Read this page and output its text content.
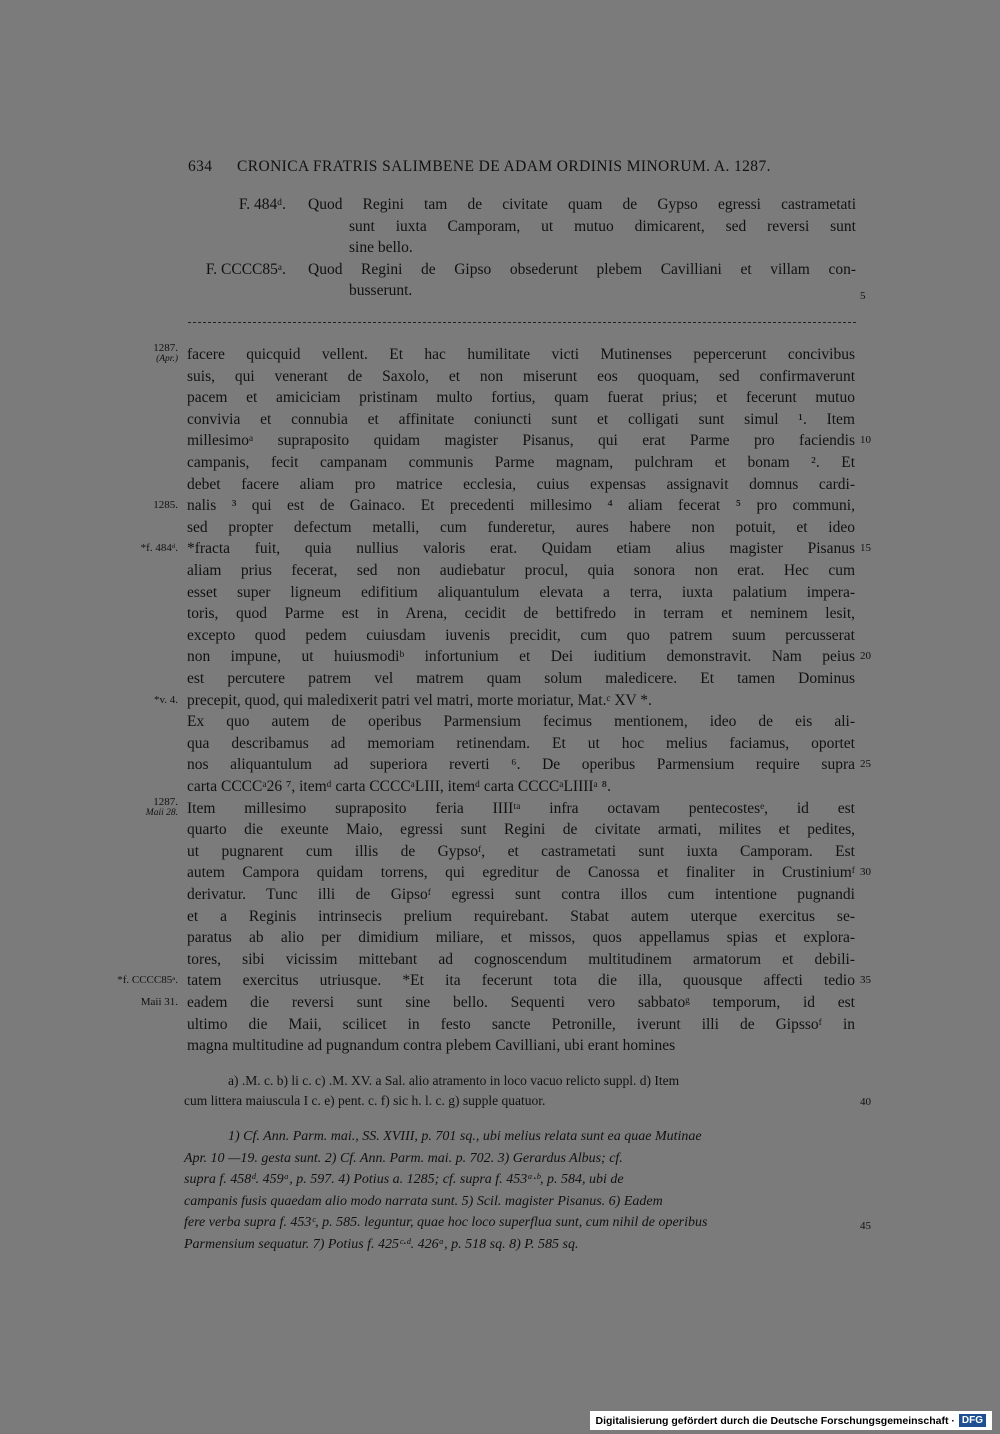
634 CRONICA FRATRIS SALIMBENE DE ADAM ORDINIS MINORUM. A. 1287.
F. 484ᵈ. Quod Regini tam de civitate quam de Gypso egressi castrametati
sunt iuxta Camporam, ut mutuo dimicarent, sed reversi sunt
sine bello.
F. CCCC85ᵃ. Quod Regini de Gipso obsederunt plebem Cavilliani et villam con-
busserunt.	5
facere quicquid vellent. Et hac humilitate victi Mutinenses pepercerunt concivibus
suis, qui venerant de Saxolo, et non miserunt eos quoquam, sed confirmaverunt
pacem et amiciciam pristinam multo fortius, quam fuerat prius; et fecerunt mutuo
convivia et connubia et affinitate coniuncti sunt et colligati sunt simul ¹. Item
millesimoᵃ supraposito quidam magister Pisanus, qui erat Parme pro faciendis
campanis, fecit campanam communis Parme magnam, pulchram et bonam ². Et
debet facere aliam pro matrice ecclesia, cuius expensas assignavit domnus cardi-
nalis ³ qui est de Gainaco. Et precedenti millesimo ⁴ aliam fecerat ⁵ pro communi,
sed propter defectum metalli, cum funderetur, aures habere non potuit, et ideo
*fracta fuit, quia nullius valoris erat. Quidam etiam alius magister Pisanus
aliam prius fecerat, sed non audiebatur procul, quia sonora non erat. Hec cum
esset super ligneum edifitium aliquantulum elevata a terra, iuxta palatium impera-
toris, quod Parme est in Arena, cecidit de bettifredo in terram et neminem lesit,
excepto quod pedem cuiusdam iuvenis precidit, cum quo patrem suum percusserat
non impune, ut huiusmodiᵇ infortunium et Dei iuditium demonstravit. Nam peius
est percutere patrem vel matrem quam solum maledicere. Et tamen Dominus
precepit, quod, qui maledixerit patri vel matri, morte moriatur, Mat.ᶜ XV *.
Ex quo autem de operibus Parmensium fecimus mentionem, ideo de eis ali-
qua describamus ad memoriam retinendam. Et ut hoc melius faciamus, oportet
nos aliquantulum ad superiora reverti ⁶. De operibus Parmensium require supra
carta CCCCᵃ26 ⁷, itemᵈ carta CCCCᵃLIII, itemᵈ carta CCCCᵃLIIIIᵃ ⁸.
Item millesimo supraposito feria IIIIᵗᵃ infra octavam pentecostesᵉ, id est
quarto die exeunte Maio, egressi sunt Regini de civitate armati, milites et pedites,
ut pugnarent cum illis de Gypsoᶠ, et castrametati sunt iuxta Camporam. Est
autem Campora quidam torrens, qui egreditur de Canossa et finaliter in Crustiniumᶠ
derivatur. Tunc illi de Gipsoᶠ egressi sunt contra illos cum intentione pugnandi
et a Reginis intrinsecis prelium requirebant. Stabat autem uterque exercitus se-
paratus ab alio per dimidium miliare, et missos, quos appellamus spias et explora-
tores, sibi vicissim mittebant ad cognoscendum multitudinem armatorum et debili-
tatem exercitus utriusque. *Et ita fecerunt tota die illa, quousque affecti tedio
eadem die reversi sunt sine bello. Sequenti vero sabbatoᵍ temporum, id est
ultimo die Maii, scilicet in festo sancte Petronille, iverunt illi de Gipssoᶠ in
magna multitudine ad pugnandum contra plebem Cavilliani, ubi erant homines
10
15
20
25
30
35
1287.
(Apr.)
1285.
*f. 484ᵈ.
*v. 4.
1287.
Maii 28.
*f. CCCC85ᵃ.
Maii 31.
a) .M. c. b) li c. c) .M. XV. a Sal. alio atramento in loco vacuo relicto suppl. d) Item
cum littera maiuscula I c. e) pent. c. f) sic h. l. c. g) supple quatuor.	40
1) Cf. Ann. Parm. mai., SS. XVIII, p. 701 sq., ubi melius relata sunt ea quae Mutinae
Apr. 10 —19. gesta sunt. 2) Cf. Ann. Parm. mai. p. 702. 3) Gerardus Albus; cf.
supra f. 458ᵈ. 459ᵃ, p. 597. 4) Potius a. 1285; cf. supra f. 453ᵃ·ᵇ, p. 584, ubi de
campanis fusis quaedam alio modo narrata sunt. 5) Scil. magister Pisanus. 6) Eadem
fere verba supra f. 453ᶜ, p. 585. leguntur, quae hoc loco superflua sunt, cum nihil de operibus
Parmensium sequatur. 7) Potius f. 425ᶜ·ᵈ. 426ᵃ, p. 518 sq. 8) P. 585 sq.
45
Digitalisierung gefördert durch die Deutsche Forschungsgemeinschaft · DFG
